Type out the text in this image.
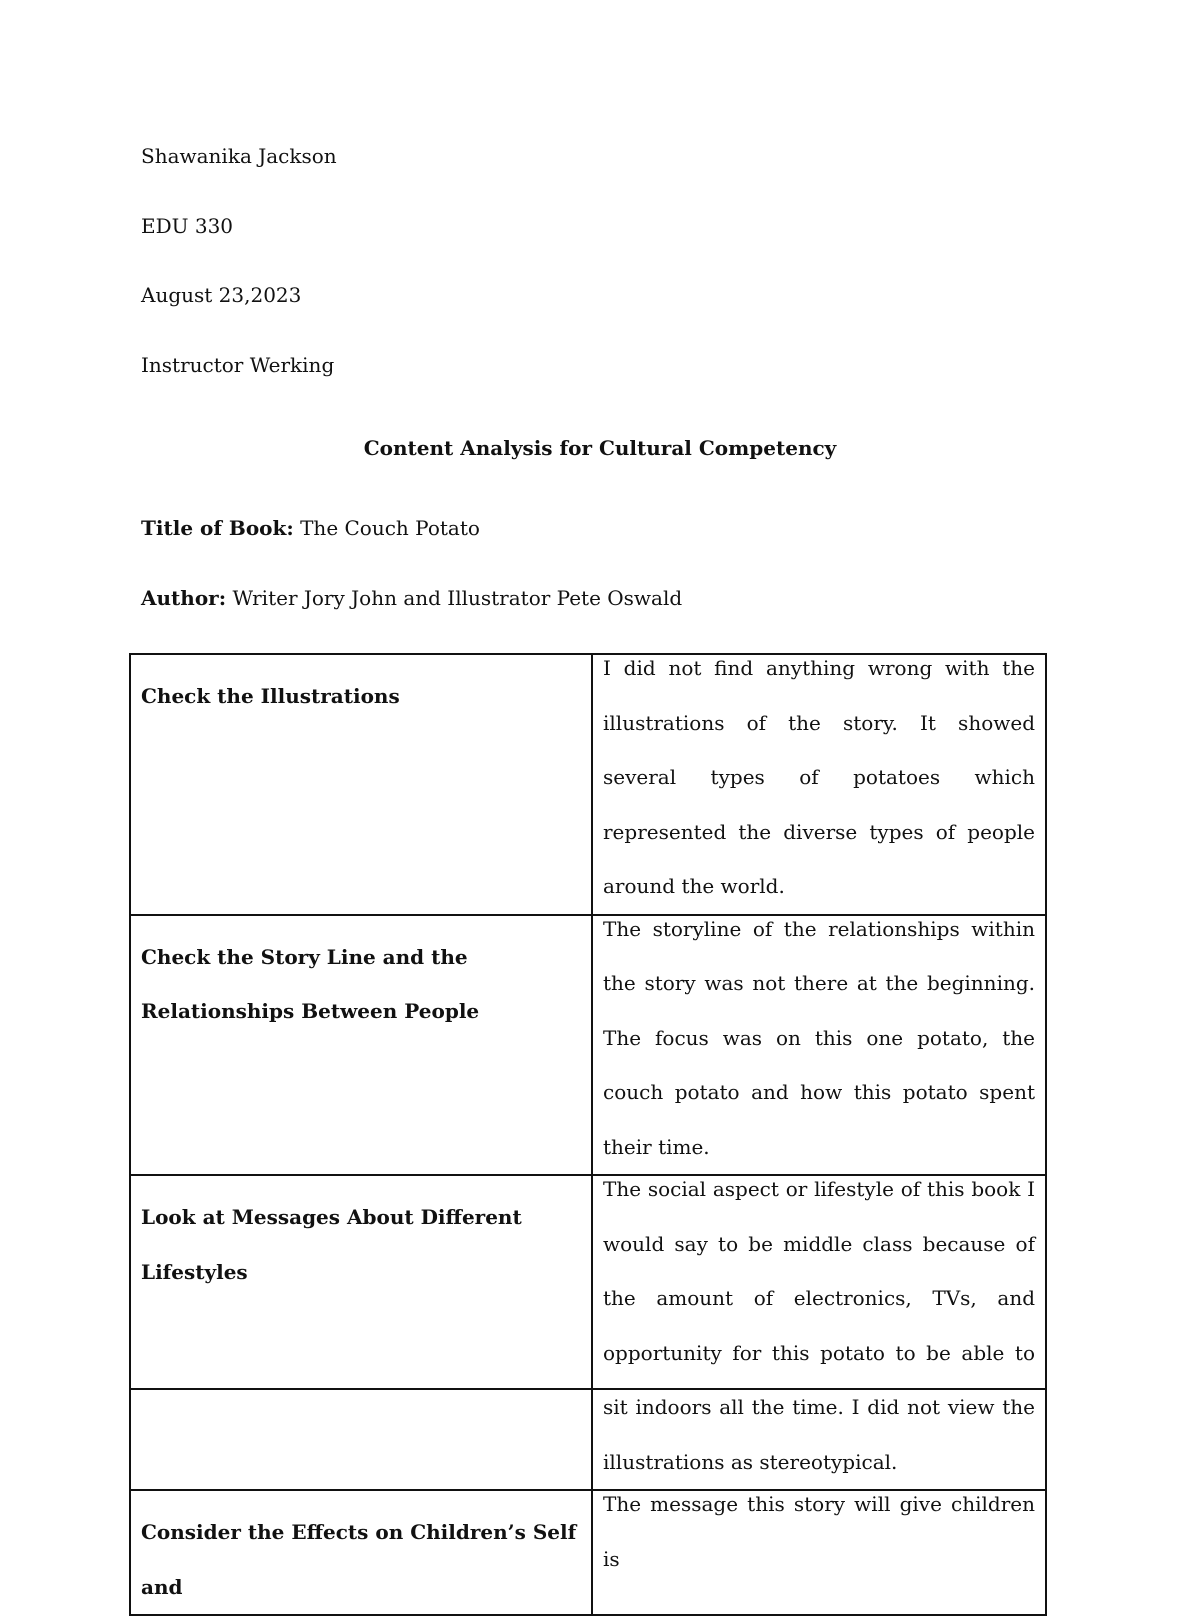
Shawanika Jackson
EDU 330
August 23,2023
Instructor Werking
Content Analysis for Cultural Competency
Title of Book: The Couch Potato
Author: Writer Jory John and Illustrator Pete Oswald
Check the Illustrations	I did not find anything wrong with the illustrations of the story. It showed several types of potatoes which represented the diverse types of people around the world.

Check the Story Line and the Relationships Between People	The storyline of the relationships within the story was not there at the beginning. The focus was on this one potato, the couch potato and how this potato spent their time.

Look at Messages About Different Lifestyles	The social aspect or lifestyle of this book I would say to be middle class because of the amount of electronics, TVs, and opportunity for this potato to be able to sit indoors all the time. I did not view the illustrations as stereotypical.

Consider the Effects on Children’s Self and	The message this story will give children is
